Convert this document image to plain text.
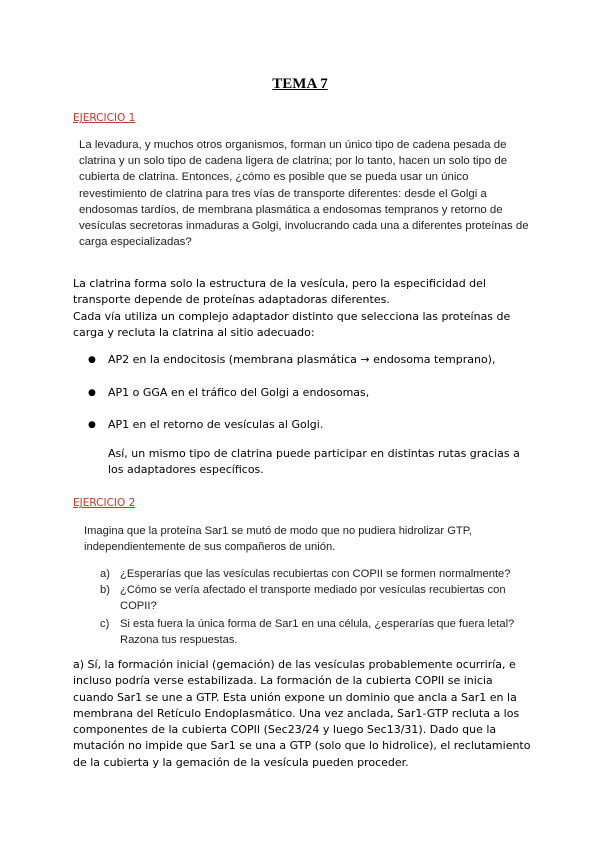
TEMA 7
EJERCICIO 1
La levadura, y muchos otros organismos, forman un único tipo de cadena pesada de clatrina y un solo tipo de cadena ligera de clatrina; por lo tanto, hacen un solo tipo de cubierta de clatrina. Entonces, ¿cómo es posible que se pueda usar un único revestimiento de clatrina para tres vías de transporte diferentes: desde el Golgi a endosomas tardíos, de membrana plasmática a endosomas tempranos y retorno de vesículas secretoras inmaduras a Golgi, involucrando cada una a diferentes proteínas de carga especializadas?
La clatrina forma solo la estructura de la vesícula, pero la especificidad del transporte depende de proteínas adaptadoras diferentes.
Cada vía utiliza un complejo adaptador distinto que selecciona las proteínas de carga y recluta la clatrina al sitio adecuado:
●	AP2 en la endocitosis (membrana plasmática → endosoma temprano),
●	AP1 o GGA en el tráfico del Golgi a endosomas,
●	AP1 en el retorno de vesículas al Golgi.
Así, un mismo tipo de clatrina puede participar en distintas rutas gracias a los adaptadores específicos.
EJERCICIO 2
Imagina que la proteína Sar1 se mutó de modo que no pudiera hidrolizar GTP, independientemente de sus compañeros de unión.
a) ¿Esperarías que las vesículas recubiertas con COPII se formen normalmente?
b) ¿Cómo se vería afectado el transporte mediado por vesículas recubiertas con COPII?
c) Si esta fuera la única forma de Sar1 en una célula, ¿esperarías que fuera letal? Razona tus respuestas.
a) Sí, la formación inicial (gemación) de las vesículas probablemente ocurriría, e incluso podría verse estabilizada. La formación de la cubierta COPII se inicia cuando Sar1 se une a GTP. Esta unión expone un dominio que ancla a Sar1 en la membrana del Retículo Endoplasmático. Una vez anclada, Sar1-GTP recluta a los componentes de la cubierta COPII (Sec23/24 y luego Sec13/31). Dado que la mutación no impide que Sar1 se una a GTP (solo que lo hidrolice), el reclutamiento de la cubierta y la gemación de la vesícula pueden proceder.
